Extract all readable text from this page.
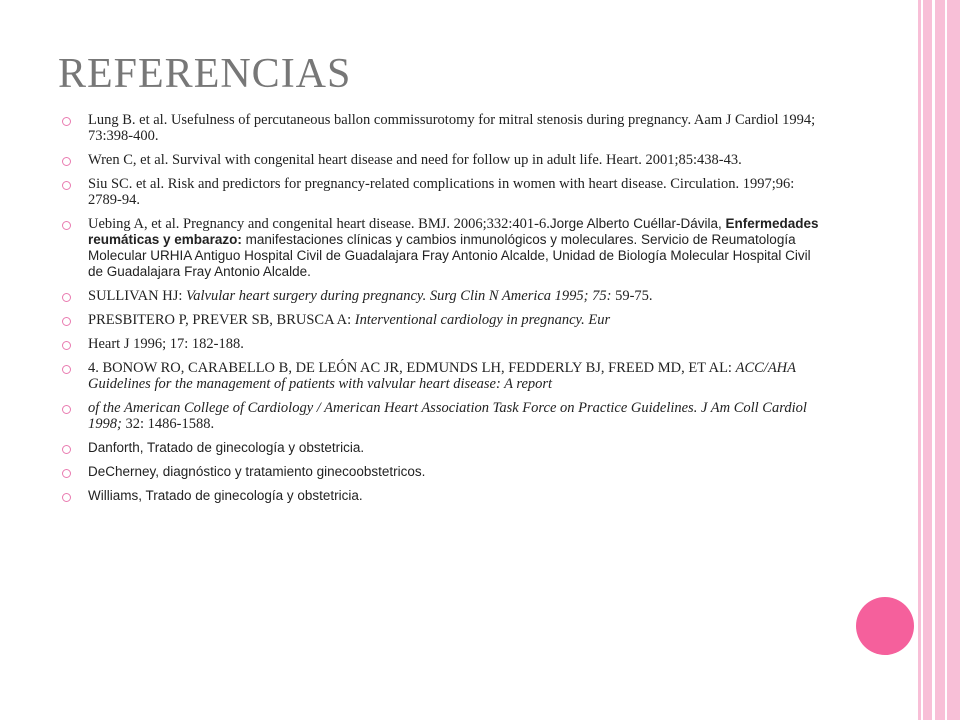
REFERENCIAS
Lung B. et al. Usefulness of percutaneous ballon commissurotomy for mitral stenosis during pregnancy. Aam J Cardiol 1994; 73:398-400.
Wren C, et al. Survival with congenital heart disease and need for follow up in adult life. Heart. 2001;85:438-43.
Siu SC. et al. Risk and predictors for pregnancy-related complications in women with heart disease. Circulation. 1997;96: 2789-94.
Uebing A, et al. Pregnancy and congenital heart disease. BMJ. 2006;332:401-6.Jorge Alberto Cuéllar-Dávila, Enfermedades reumáticas y embarazo: manifestaciones clínicas y cambios inmunológicos y moleculares. Servicio de Reumatología Molecular URHIA Antiguo Hospital Civil de Guadalajara Fray Antonio Alcalde, Unidad de Biología Molecular Hospital Civil de Guadalajara Fray Antonio Alcalde.
SULLIVAN HJ: Valvular heart surgery during pregnancy. Surg Clin N America 1995; 75: 59-75.
PRESBITERO P, PREVER SB, BRUSCA A: Interventional cardiology in pregnancy. Eur
Heart J 1996; 17: 182-188.
4. BONOW RO, CARABELLO B, DE LEÓN AC JR, EDMUNDS LH, FEDDERLY BJ, FREED MD, ET AL: ACC/AHA Guidelines for the management of patients with valvular heart disease: A report
of the American College of Cardiology / American Heart Association Task Force on Practice Guidelines. J Am Coll Cardiol 1998; 32: 1486-1588.
Danforth, Tratado de ginecología y obstetricia.
DeCherney, diagnóstico y tratamiento ginecoobstetricos.
Williams, Tratado de ginecología y obstetricia.
